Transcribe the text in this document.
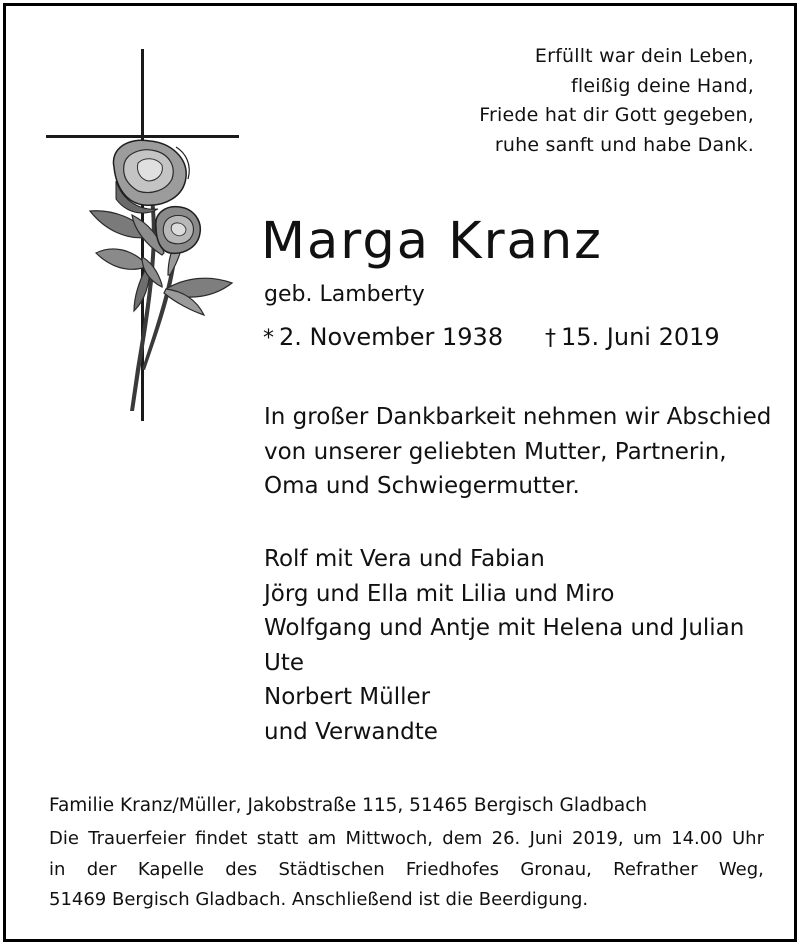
Erfüllt war dein Leben,
fleißig deine Hand,
Friede hat dir Gott gegeben,
ruhe sanft und habe Dank.
Marga Kranz
geb. Lamberty
* 2. November 1938 † 15. Juni 2019
In großer Dankbarkeit nehmen wir Abschied
von unserer geliebten Mutter, Partnerin,
Oma und Schwiegermutter.
Rolf mit Vera und Fabian
Jörg und Ella mit Lilia und Miro
Wolfgang und Antje mit Helena und Julian
Ute
Norbert Müller
und Verwandte
Familie Kranz/Müller, Jakobstraße 115, 51465 Bergisch Gladbach
Die Trauerfeier findet statt am Mittwoch, dem 26. Juni 2019, um 14.00 Uhr
in der Kapelle des Städtischen Friedhofes Gronau, Refrather Weg,
51469 Bergisch Gladbach. Anschließend ist die Beerdigung.
